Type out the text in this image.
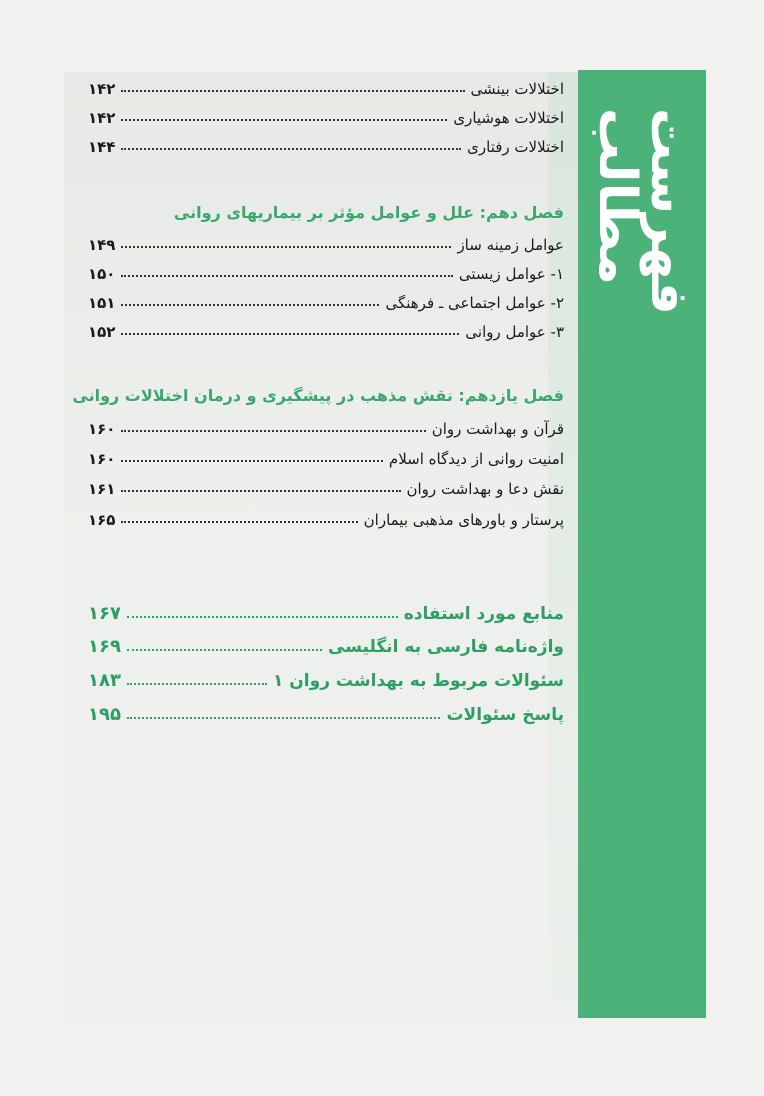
فهرست مطالب
اختلالات بینشی
۱۴۲
اختلالات هوشیاری
۱۴۲
اختلالات رفتاری
۱۴۴
فصل دهم: علل و عوامل مؤثر بر بیماریهای روانی
عوامل زمینه ساز
۱۴۹
۱- عوامل زیستی
۱۵۰
۲- عوامل اجتماعی ـ فرهنگی
۱۵۱
۳- عوامل روانی
۱۵۲
فصل یازدهم: نقش مذهب در پیشگیری و درمان اختلالات روانی
قرآن و بهداشت روان
۱۶۰
امنیت روانی از دیدگاه اسلام
۱۶۰
نقش دعا و بهداشت روان
۱۶۱
پرستار و باورهای مذهبی بیماران
۱۶۵
منابع مورد استفاده
۱۶۷
واژه‌نامه فارسی به انگلیسی
۱۶۹
سئوالات مربوط به بهداشت روان ۱
۱۸۳
پاسخ سئوالات
۱۹۵
